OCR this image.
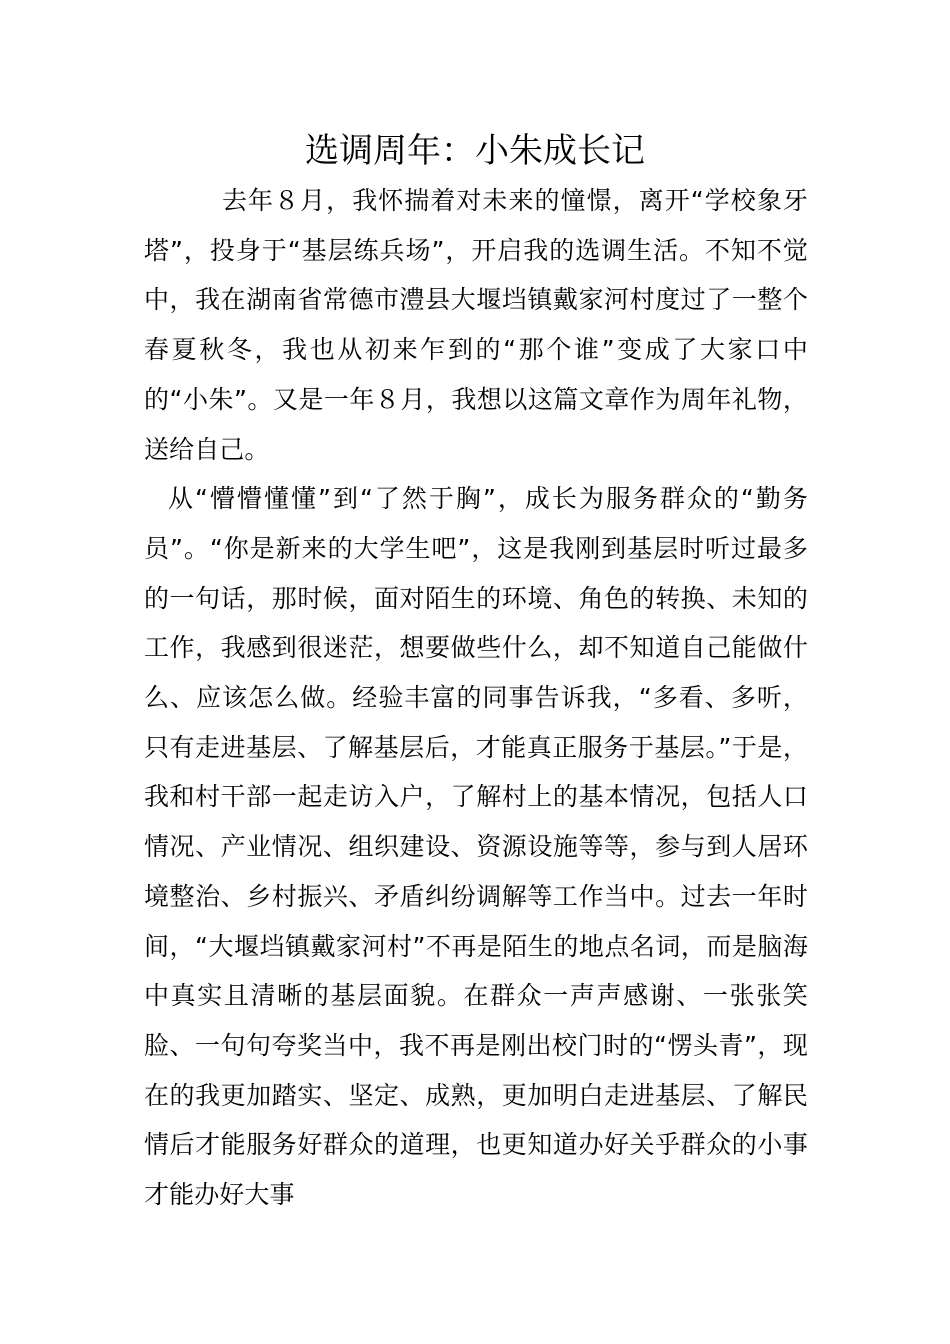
选调周年：小朱成长记

去年８月，我怀揣着对未来的憧憬，离开“学校象牙塔”，投身于“基层练兵场”，开启我的选调生活。不知不觉中，我在湖南省常德市澧县大堰垱镇戴家河村度过了一整个春夏秋冬，我也从初来乍到的“那个谁”变成了大家口中的“小朱”。又是一年８月，我想以这篇文章作为周年礼物，送给自己。

从“懵懵懂懂”到“了然于胸”，成长为服务群众的“勤务员”。“你是新来的大学生吧”，这是我刚到基层时听过最多的一句话，那时候，面对陌生的环境、角色的转换、未知的工作，我感到很迷茫，想要做些什么，却不知道自己能做什么、应该怎么做。经验丰富的同事告诉我，“多看、多听，只有走进基层、了解基层后，才能真正服务于基层。”于是，我和村干部一起走访入户，了解村上的基本情况，包括人口情况、产业情况、组织建设、资源设施等等，参与到人居环境整治、乡村振兴、矛盾纠纷调解等工作当中。过去一年时间，“大堰垱镇戴家河村”不再是陌生的地点名词，而是脑海中真实且清晰的基层面貌。在群众一声声感谢、一张张笑脸、一句句夸奖当中，我不再是刚出校门时的“愣头青”，现在的我更加踏实、坚定、成熟，更加明白走进基层、了解民情后才能服务好群众的道理，也更知道办好关乎群众的小事才能办好大事
